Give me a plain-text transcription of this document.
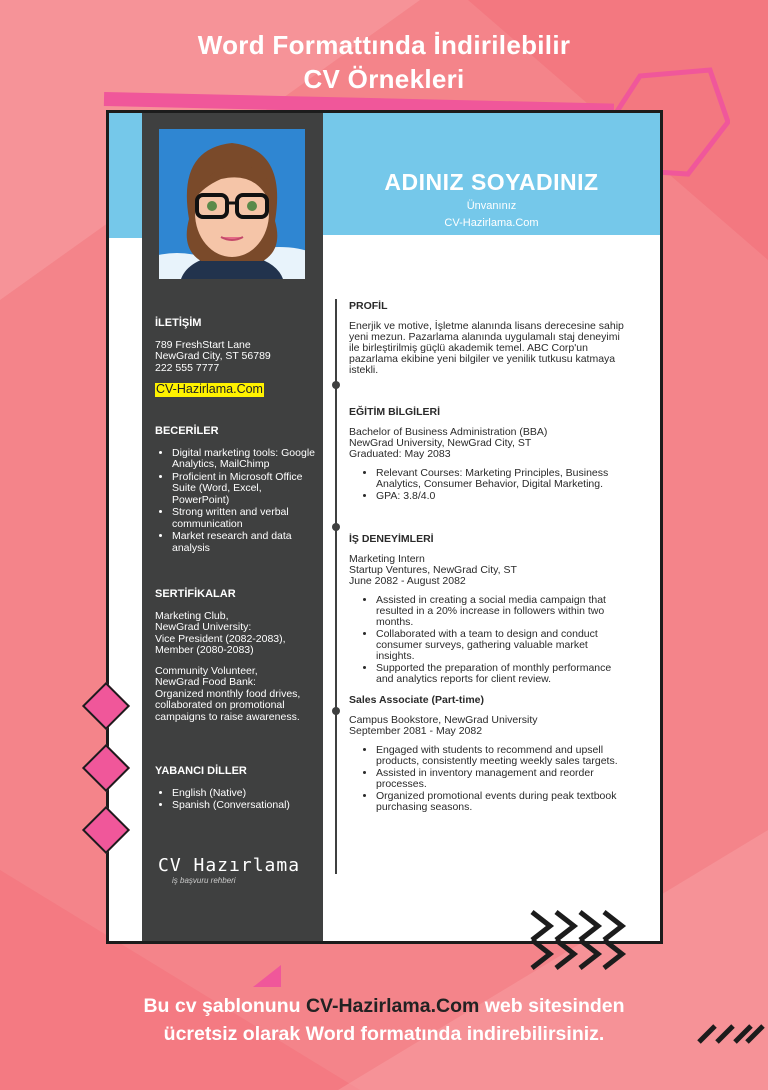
Word Formattında İndirilebilir
CV Örnekleri
ADINIZ SOYADINIZ
Ünvanınız
CV-Hazirlama.Com
İLETİŞİM

789 FreshStart Lane
NewGrad City, ST 56789
222 555 7777

CV-Hazirlama.Com
BECERİLER
• Digital marketing tools: Google Analytics, MailChimp
• Proficient in Microsoft Office Suite (Word, Excel, PowerPoint)
• Strong written and verbal communication
• Market research and data analysis
SERTİFİKALAR

Marketing Club,
NewGrad University:
Vice President (2082-2083),
Member (2080-2083)

Community Volunteer,
NewGrad Food Bank:
Organized monthly food drives, collaborated on promotional campaigns to raise awareness.

YABANCI DİLLER
• English (Native)
• Spanish (Conversational)
CV Hazırlama
iş başvuru rehberi
PROFİL

Enerjik ve motive, İşletme alanında lisans derecesine sahip yeni mezun. Pazarlama alanında uygulamalı staj deneyimi ile birleştirilmiş güçlü akademik temel. ABC Corp'un pazarlama ekibine yeni bilgiler ve yenilik tutkusu katmaya istekli.

EĞİTİM BİLGİLERİ

Bachelor of Business Administration (BBA)
NewGrad University, NewGrad City, ST
Graduated: May 2083

• Relevant Courses: Marketing Principles, Business Analytics, Consumer Behavior, Digital Marketing.
• GPA: 3.8/4.0
İŞ DENEYİMLERİ

Marketing Intern
Startup Ventures, NewGrad City, ST
June 2082 - August 2082

• Assisted in creating a social media campaign that resulted in a 20% increase in followers within two months.
• Collaborated with a team to design and conduct consumer surveys, gathering valuable market insights.
• Supported the preparation of monthly performance and analytics reports for client review.
Sales Associate (Part-time)

Campus Bookstore, NewGrad University
September 2081 - May 2082

• Engaged with students to recommend and upsell products, consistently meeting weekly sales targets.
• Assisted in inventory management and reorder processes.
• Organized promotional events during peak textbook purchasing seasons.
Bu cv şablonunu CV-Hazirlama.Com web sitesinden
ücretsiz olarak Word formatında indirebilirsiniz.
